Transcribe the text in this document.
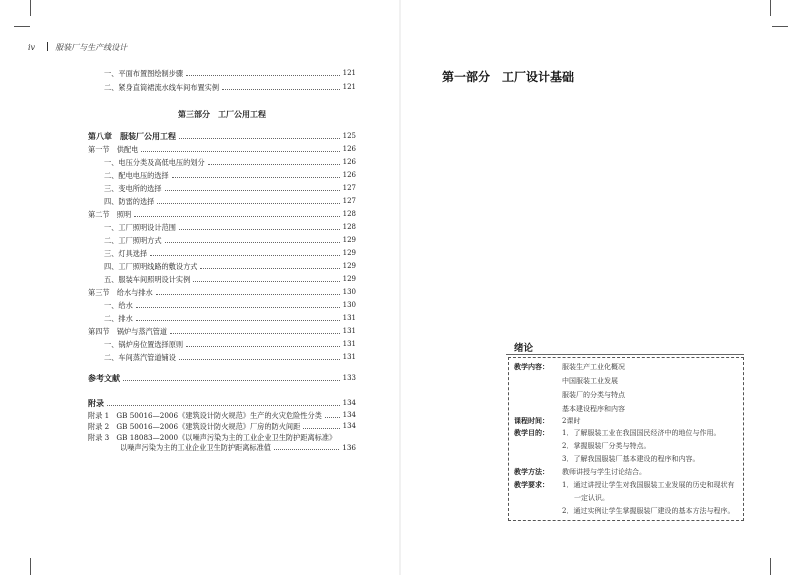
iv	服装厂与生产线设计
一、平面布置图绘制步骤	121
二、紧身直筒裙流水线车间布置实例	121
第三部分　工厂公用工程
第八章　服装厂公用工程	125
第一节　供配电	126
一、电压分类及高低电压的划分	126
二、配电电压的选择	126
三、变电所的选择	127
四、防雷的选择	127
第二节　照明	128
一、工厂照明设计范围	128
二、工厂照明方式	129
三、灯具选择	129
四、工厂照明线路的敷设方式	129
五、服装车间照明设计实例	129
第三节　给水与排水	130
一、给水	130
二、排水	131
第四节　锅炉与蒸汽管道	131
一、锅炉房位置选择原则	131
二、车间蒸汽管道铺设	131
参考文献	133
附录	134
附录 1　GB 50016—2006《建筑设计防火规范》生产的火灾危险性分类	134
附录 2　GB 50016—2006《建筑设计防火规范》厂房的防火间距	134
附录 3　GB 18083—2000《以噪声污染为主的工业企业卫生防护距离标准》
以噪声污染为主的工业企业卫生防护距离标准值	136
第一部分　工厂设计基础
绪论
教学内容： 服装生产工业化概况
中国服装工业发展
服装厂的分类与特点
基本建设程序和内容
课程时间： 2课时
教学目的： 1．了解服装工业在我国国民经济中的地位与作用。
2．掌握服装厂分类与特点。
3．了解我国服装厂基本建设的程序和内容。
教学方法： 教师讲授与学生讨论结合。
教学要求： 1．通过讲授让学生对我国服装工业发展的历史和现状有
一定认识。
2．通过实例让学生掌握服装厂建设的基本方法与程序。
